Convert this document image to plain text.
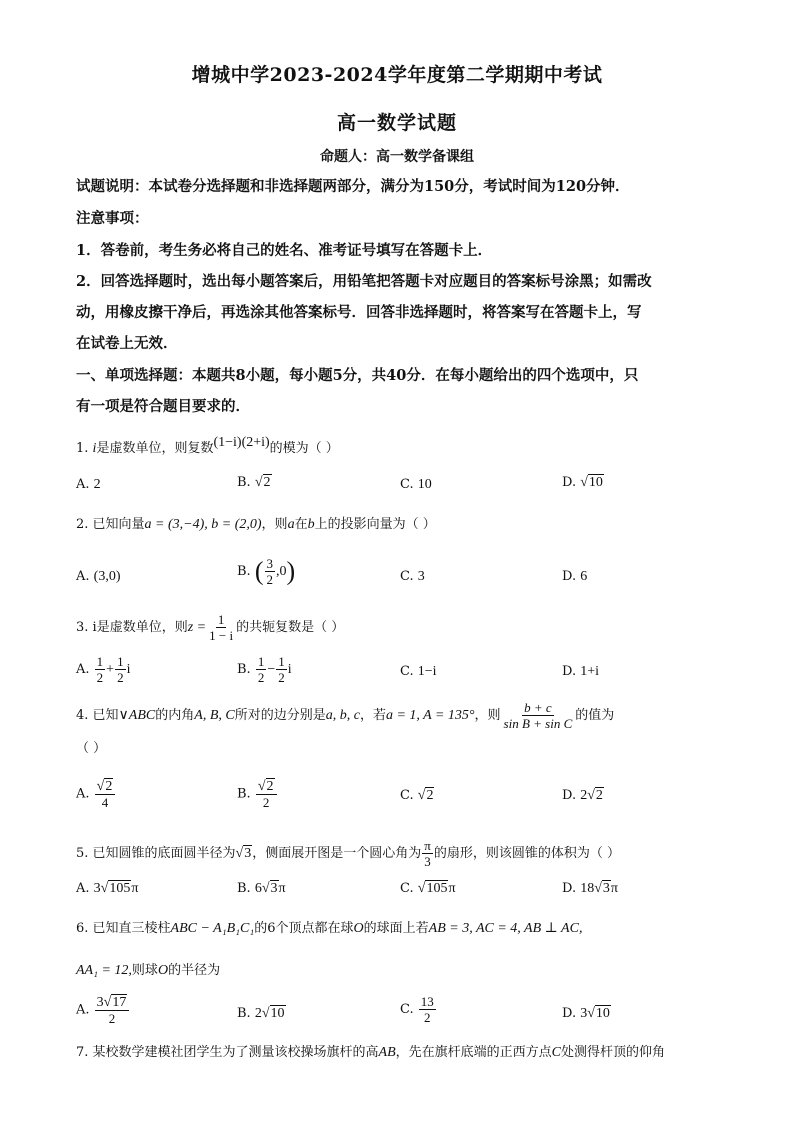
增城中学2023-2024学年度第二学期期中考试
高一数学试题
命题人：高一数学备课组
试题说明：本试卷分选择题和非选择题两部分，满分为150分，考试时间为120分钟．
注意事项：
1．答卷前，考生务必将自己的姓名、准考证号填写在答题卡上．
2．回答选择题时，选出每小题答案后，用铅笔把答题卡对应题目的答案标号涂黑；如需改
动，用橡皮擦干净后，再选涂其他答案标号．回答非选择题时，将答案写在答题卡上，写
在试卷上无效．
一、单项选择题：本题共8小题，每小题5分，共40分．在每小题给出的四个选项中，只
有一项是符合题目要求的．
1. i是虚数单位，则复数(1−i)(2+i)的模为（ ）
A. 2	B. √2	C. 10	D. √10
2. 已知向量a = (3,−4), b = (2,0)，则a在b上的投影向量为（ ）
A. (3,0)	B. ( $\frac{3}{2} ,0$)	C. 3	D. 6
3. i是虚数单位，则$z = \frac{1}{1 - i}$ 的共轭复数是（ ）
A. $\frac{1}{2} + \frac{1}{2}$ i	B. $\frac{1}{2} - \frac{1}{2}$ i	C. 1−i	D. 1+i
4. 已知∨ABC的内角A, B, C所对的边分别是a, b, c，若a = 1, A = 135°，则 $\frac{b + c}{\text{sin B + sin C}}$ 的值为
（ ）
A. $\frac{√2}{4}$	B. $\frac{√2}{2}$	C. √2	D. 2√2
5. 已知圆锥的底面圆半径为√3，侧面展开图是一个圆心角为 $\frac{\pi}{3}$ 的扇形，则该圆锥的体积为（ ）
A. 3√105π	B. 6√3π	C. √105π	D. 18√3π
6. 已知直三棱柱ABC − A₁B₁C₁的6个顶点都在球O的球面上若AB = 3, AC = 4, AB ⊥ AC,
AA₁ = 12,则球O的半径为
A. $\frac{3√17}{2}$	B. 2√10	C. $\frac{13}{2}$	D. 3√10
7. 某校数学建模社团学生为了测量该校操场旗杆的高AB，先在旗杆底端的正西方点C处测得杆顶的仰角
